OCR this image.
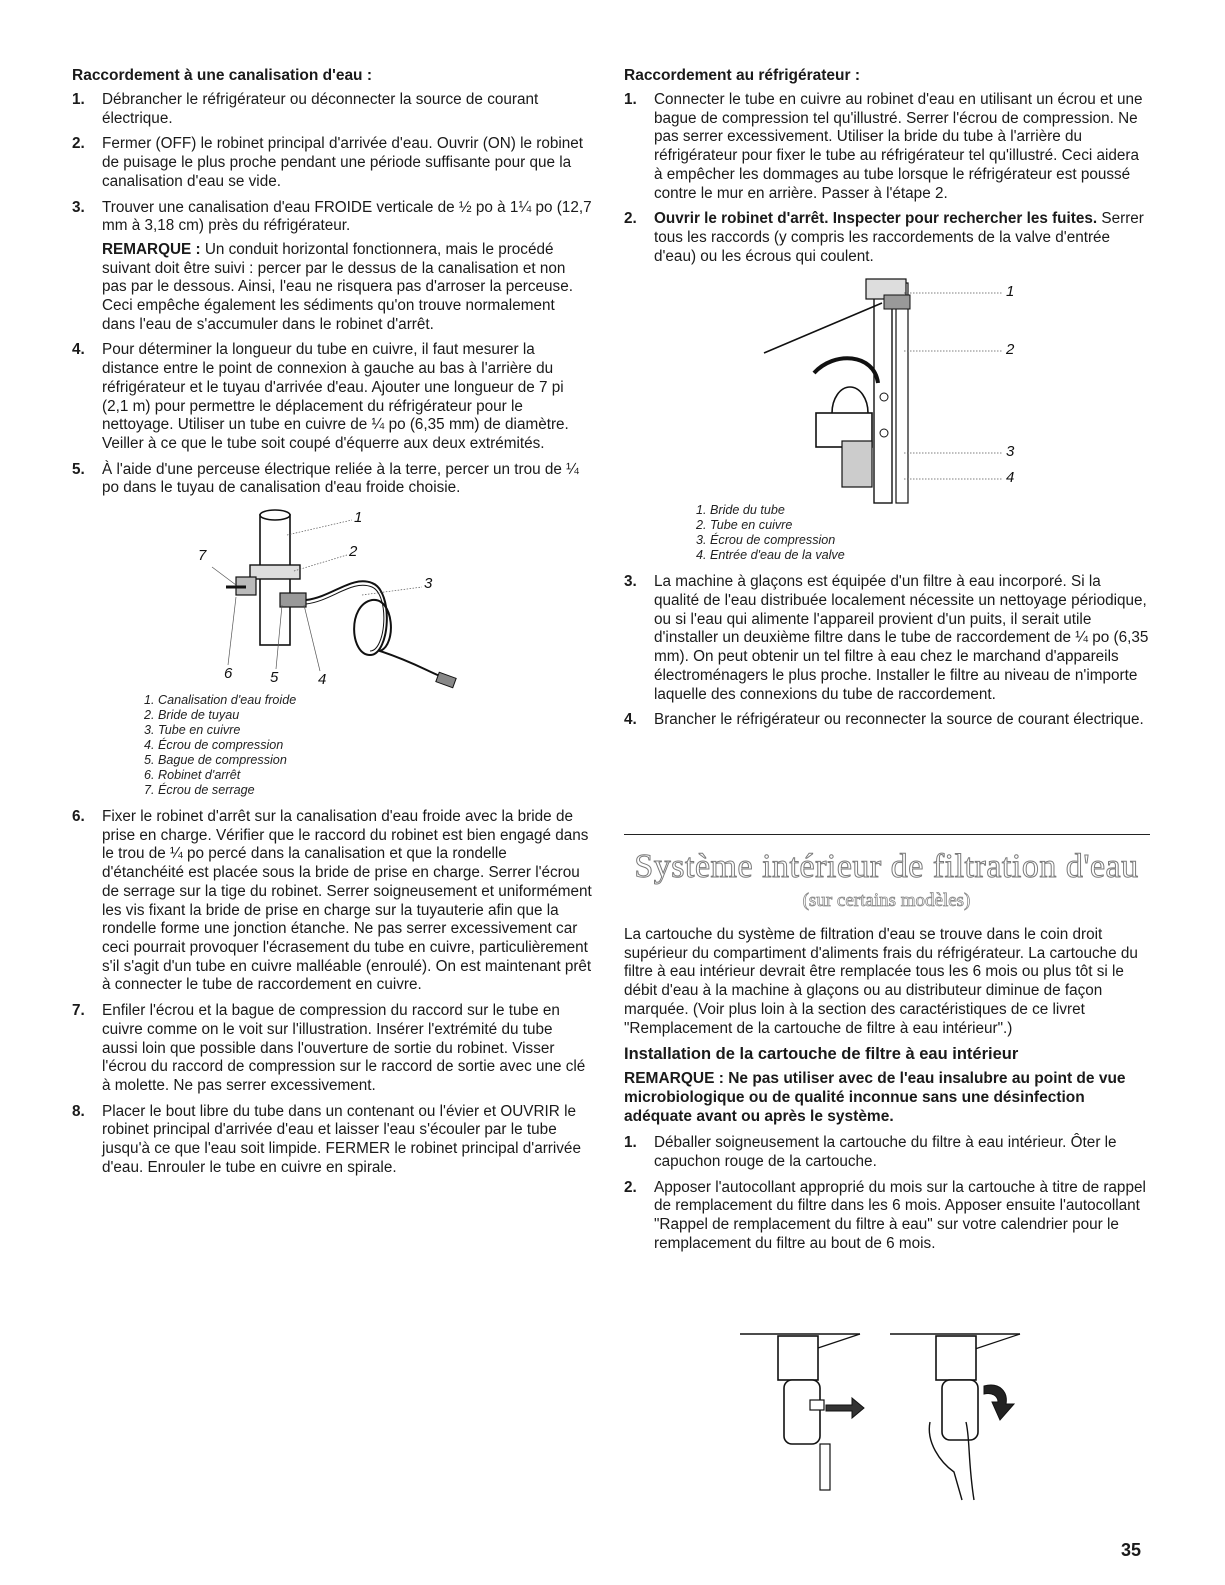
Raccordement à une canalisation d'eau :
1. Débrancher le réfrigérateur ou déconnecter la source de courant électrique.
2. Fermer (OFF) le robinet principal d'arrivée d'eau. Ouvrir (ON) le robinet de puisage le plus proche pendant une période suffisante pour que la canalisation d'eau se vide.
3. Trouver une canalisation d'eau FROIDE verticale de ½ po à 1¼ po (12,7 mm à 3,18 cm) près du réfrigérateur.
REMARQUE : Un conduit horizontal fonctionnera, mais le procédé suivant doit être suivi : percer par le dessus de la canalisation et non pas par le dessous. Ainsi, l'eau ne risquera pas d'arroser la perceuse. Ceci empêche également les sédiments qu'on trouve normalement dans l'eau de s'accumuler dans le robinet d'arrêt.
4. Pour déterminer la longueur du tube en cuivre, il faut mesurer la distance entre le point de connexion à gauche au bas à l'arrière du réfrigérateur et le tuyau d'arrivée d'eau. Ajouter une longueur de 7 pi (2,1 m) pour permettre le déplacement du réfrigérateur pour le nettoyage. Utiliser un tube en cuivre de ¼ po (6,35 mm) de diamètre. Veiller à ce que le tube soit coupé d'équerre aux deux extrémités.
5. À l'aide d'une perceuse électrique reliée à la terre, percer un trou de ¼ po dans le tuyau de canalisation d'eau froide choisie.
1
2
3
4
5
6
7
1. Canalisation d'eau froide
2. Bride de tuyau
3. Tube en cuivre
4. Écrou de compression
5. Bague de compression
6. Robinet d'arrêt
7. Écrou de serrage
6. Fixer le robinet d'arrêt sur la canalisation d'eau froide avec la bride de prise en charge. Vérifier que le raccord du robinet est bien engagé dans le trou de ¼ po percé dans la canalisation et que la rondelle d'étanchéité est placée sous la bride de prise en charge. Serrer l'écrou de serrage sur la tige du robinet. Serrer soigneusement et uniformément les vis fixant la bride de prise en charge sur la tuyauterie afin que la rondelle forme une jonction étanche. Ne pas serrer excessivement car ceci pourrait provoquer l'écrasement du tube en cuivre, particulièrement s'il s'agit d'un tube en cuivre malléable (enroulé). On est maintenant prêt à connecter le tube de raccordement en cuivre.
7. Enfiler l'écrou et la bague de compression du raccord sur le tube en cuivre comme on le voit sur l'illustration. Insérer l'extrémité du tube aussi loin que possible dans l'ouverture de sortie du robinet. Visser l'écrou du raccord de compression sur le raccord de sortie avec une clé à molette. Ne pas serrer excessivement.
8. Placer le bout libre du tube dans un contenant ou l'évier et OUVRIR le robinet principal d'arrivée d'eau et laisser l'eau s'écouler par le tube jusqu'à ce que l'eau soit limpide. FERMER le robinet principal d'arrivée d'eau. Enrouler le tube en cuivre en spirale.
Raccordement au réfrigérateur :
1. Connecter le tube en cuivre au robinet d'eau en utilisant un écrou et une bague de compression tel qu'illustré. Serrer l'écrou de compression. Ne pas serrer excessivement. Utiliser la bride du tube à l'arrière du réfrigérateur pour fixer le tube au réfrigérateur tel qu'illustré. Ceci aidera à empêcher les dommages au tube lorsque le réfrigérateur est poussé contre le mur en arrière. Passer à l'étape 2.
2. Ouvrir le robinet d'arrêt. Inspecter pour rechercher les fuites. Serrer tous les raccords (y compris les raccordements de la valve d'entrée d'eau) ou les écrous qui coulent.
1
2
3
4
1. Bride du tube
2. Tube en cuivre
3. Écrou de compression
4. Entrée d'eau de la valve
3. La machine à glaçons est équipée d'un filtre à eau incorporé. Si la qualité de l'eau distribuée localement nécessite un nettoyage périodique, ou si l'eau qui alimente l'appareil provient d'un puits, il serait utile d'installer un deuxième filtre dans le tube de raccordement de ¼ po (6,35 mm). On peut obtenir un tel filtre à eau chez le marchand d'appareils électroménagers le plus proche. Installer le filtre au niveau de n'importe laquelle des connexions du tube de raccordement.
4. Brancher le réfrigérateur ou reconnecter la source de courant électrique.
Système intérieur de filtration d'eau
(sur certains modèles)

La cartouche du système de filtration d'eau se trouve dans le coin droit supérieur du compartiment d'aliments frais du réfrigérateur. La cartouche du filtre à eau intérieur devrait être remplacée tous les 6 mois ou plus tôt si le débit d'eau à la machine à glaçons ou au distributeur diminue de façon marquée. (Voir plus loin à la section des caractéristiques de ce livret "Remplacement de la cartouche de filtre à eau intérieur".)

Installation de la cartouche de filtre à eau intérieur
REMARQUE : Ne pas utiliser avec de l'eau insalubre au point de vue microbiologique ou de qualité inconnue sans une désinfection adéquate avant ou après le système.
1. Déballer soigneusement la cartouche du filtre à eau intérieur. Ôter le capuchon rouge de la cartouche.
2. Apposer l'autocollant approprié du mois sur la cartouche à titre de rappel de remplacement du filtre dans les 6 mois. Apposer ensuite l'autocollant "Rappel de remplacement du filtre à eau" sur votre calendrier pour le remplacement du filtre au bout de 6 mois.
35
